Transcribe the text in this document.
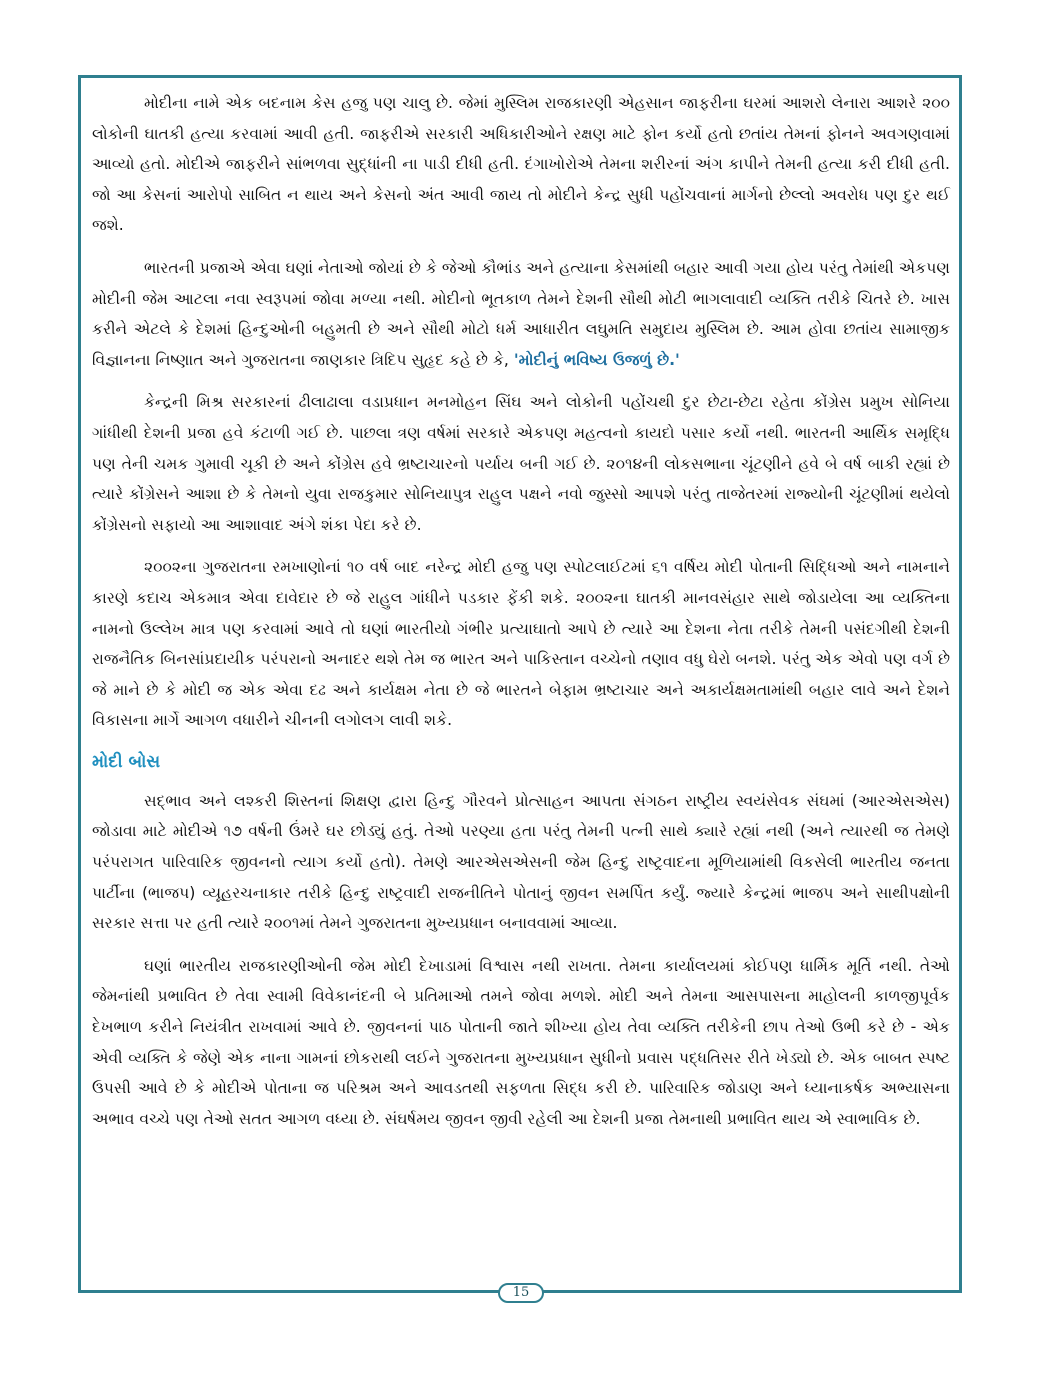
મોદીના નામે એક બદનામ કેસ હજુ પણ ચાલુ છે. જેમાં મુસ્લિમ રાજકારણી એહસાન જાફરીના ઘરમાં આશરો લેનારા આશરે ૨૦૦ લોકોની ઘાતકી હત્યા કરવામાં આવી હતી. જાફરીએ સરકારી અધિકારીઓને રક્ષણ માટે ફોન કર્યો હતો છતાંય તેમનાં ફોનને અવગણવામાં આવ્યો હતો. મોદીએ જાફરીને સાંભળવા સુદ્ધાંની ના પાડી દીધી હતી. દંગાખોરોએ તેમના શરીરનાં અંગ કાપીને તેમની હત્યા કરી દીધી હતી. જો આ કેસનાં આરોપો સાબિત ન થાય અને કેસનો અંત આવી જાય તો મોદીને કેન્દ્ર સુધી પહોંચવાનાં માર્ગનો છેલ્લો અવરોધ પણ દુર થઈ જશે.

ભારતની પ્રજાએ એવા ઘણાં નેતાઓ જોયાં છે કે જેઓ કૌભાંડ અને હત્યાના કેસમાંથી બહાર આવી ગયા હોય પરંતુ તેમાંથી એકપણ મોદીની જેમ આટલા નવા સ્વરૂપમાં જોવા મળ્યા નથી. મોદીનો ભૂતકાળ તેમને દેશની સૌથી મોટી ભાગલાવાદી વ્યક્તિ તરીકે ચિતરે છે. ખાસ કરીને એટલે કે દેશમાં હિન્દુઓની બહુમતી છે અને સૌથી મોટો ધર્મ આધારીત લઘુમતિ સમુદાય મુસ્લિમ છે. આમ હોવા છતાંય સામાજીક વિજ્ઞાનના નિષ્ણાત અને ગુજરાતના જાણકાર ત્રિદિપ સુહૃદ કહે છે કે, 'મોદીનું ભવિષ્ય ઉજળું છે.'

કેન્દ્રની મિશ્ર સરકારનાં ઢીલાઢાલા વડાપ્રધાન મનમોહન સિંઘ અને લોકોની પહોંચથી દુર છેટા-છેટા રહેતા કોંગ્રેસ પ્રમુખ સોનિયા ગાંધીથી દેશની પ્રજા હવે કંટાળી ગઈ છે. પાછલા ત્રણ વર્ષમાં સરકારે એકપણ મહત્વનો કાયદો પસાર કર્યો નથી. ભારતની આર્થિક સમૃદ્ધિ પણ તેની ચમક ગુમાવી ચૂકી છે અને કોંગ્રેસ હવે ભ્રષ્ટાચારનો પર્યાય બની ગઈ છે. ૨૦૧૪ની લોકસભાના ચૂંટણીને હવે બે વર્ષ બાકી રહ્યાં છે ત્યારે કોંગ્રેસને આશા છે કે તેમનો યુવા રાજકુમાર સોનિયાપુત્ર રાહુલ પક્ષને નવો જુસ્સો આપશે પરંતુ તાજેતરમાં રાજ્યોની ચૂંટણીમાં થયેલો કોંગ્રેસનો સફાયો આ આશાવાદ અંગે શંકા પેદા કરે છે.

૨૦૦૨ના ગુજરાતના રમખાણોનાં ૧૦ વર્ષ બાદ નરેન્દ્ર મોદી હજુ પણ સ્પોટલાઈટમાં ૬૧ વર્ષિય મોદી પોતાની સિદ્ધિઓ અને નામનાને કારણે કદાચ એકમાત્ર એવા દાવેદાર છે જે રાહુલ ગાંધીને પડકાર ફેંકી શકે. ૨૦૦૨ના ઘાતકી માનવસંહાર સાથે જોડાયેલા આ વ્યક્તિના નામનો ઉલ્લેખ માત્ર પણ કરવામાં આવે તો ઘણાં ભારતીયો ગંભીર પ્રત્યાઘાતો આપે છે ત્યારે આ દેશના નેતા તરીકે તેમની પસંદગીથી દેશની રાજનૈતિક બિનસાંપ્રદાયીક પરંપરાનો અનાદર થશે તેમ જ ભારત અને પાકિસ્તાન વચ્ચેનો તણાવ વધુ ઘેરો બનશે. પરંતુ એક એવો પણ વર્ગ છે જે માને છે કે મોદી જ એક એવા દઢ અને કાર્યક્ષમ નેતા છે જે ભારતને બેફામ ભ્રષ્ટાચાર અને અકાર્યક્ષમતામાંથી બહાર લાવે અને દેશને વિકાસના માર્ગે આગળ વધારીને ચીનની લગોલગ લાવી શકે.

મોદી બોસ

સદ્ભાવ અને લશ્કરી શિસ્તનાં શિક્ષણ દ્વારા હિન્દુ ગૌરવને પ્રોત્સાહન આપતા સંગઠન રાષ્ટ્રીય સ્વયંસેવક સંઘમાં (આરએસએસ) જોડાવા માટે મોદીએ ૧૭ વર્ષની ઉંમરે ઘર છોડ્યું હતું. તેઓ પરણ્યા હતા પરંતુ તેમની પત્ની સાથે ક્યારે રહ્યાં નથી (અને ત્યારથી જ તેમણે પરંપરાગત પારિવારિક જીવનનો ત્યાગ કર્યો હતો). તેમણે આરએસએસની જેમ હિન્દુ રાષ્ટ્રવાદના મૂળિયામાંથી વિકસેલી ભારતીય જનતા પાર્ટીના (ભાજપ) વ્યૂહરચનાકાર તરીકે હિન્દુ રાષ્ટ્રવાદી રાજનીતિને પોતાનું જીવન સમર્પિત કર્યું. જ્યારે કેન્દ્રમાં ભાજપ અને સાથીપક્ષોની સરકાર સત્તા પર હતી ત્યારે ૨૦૦૧માં તેમને ગુજરાતના મુખ્યપ્રધાન બનાવવામાં આવ્યા.

ઘણાં ભારતીય રાજકારણીઓની જેમ મોદી દેખાડામાં વિશ્વાસ નથી રાખતા. તેમના કાર્યાલયમાં કોઈપણ ધાર્મિક મૂર્તિ નથી. તેઓ જેમનાંથી પ્રભાવિત છે તેવા સ્વામી વિવેકાનંદની બે પ્રતિમાઓ તમને જોવા મળશે. મોદી અને તેમના આસપાસના માહોલની કાળજીપૂર્વક દેખભાળ કરીને નિયંત્રીત રાખવામાં આવે છે. જીવનનાં પાઠ પોતાની જાતે શીખ્યા હોય તેવા વ્યક્તિ તરીકેની છાપ તેઓ ઉભી કરે છે - એક એવી વ્યક્તિ કે જેણે એક નાના ગામનાં છોકરાથી લઈને ગુજરાતના મુખ્યપ્રધાન સુધીનો પ્રવાસ પદ્ધતિસર રીતે ખેડ્યો છે. એક બાબત સ્પષ્ટ ઉપસી આવે છે કે મોદીએ પોતાના જ પરિશ્રમ અને આવડતથી સફળતા સિદ્ધ કરી છે. પારિવારિક જોડાણ અને ધ્યાનાકર્ષક અભ્યાસના અભાવ વચ્ચે પણ તેઓ સતત આગળ વધ્યા છે. સંઘર્ષમય જીવન જીવી રહેલી આ દેશની પ્રજા તેમનાથી પ્રભાવિત થાય એ સ્વાભાવિક છે.

15
